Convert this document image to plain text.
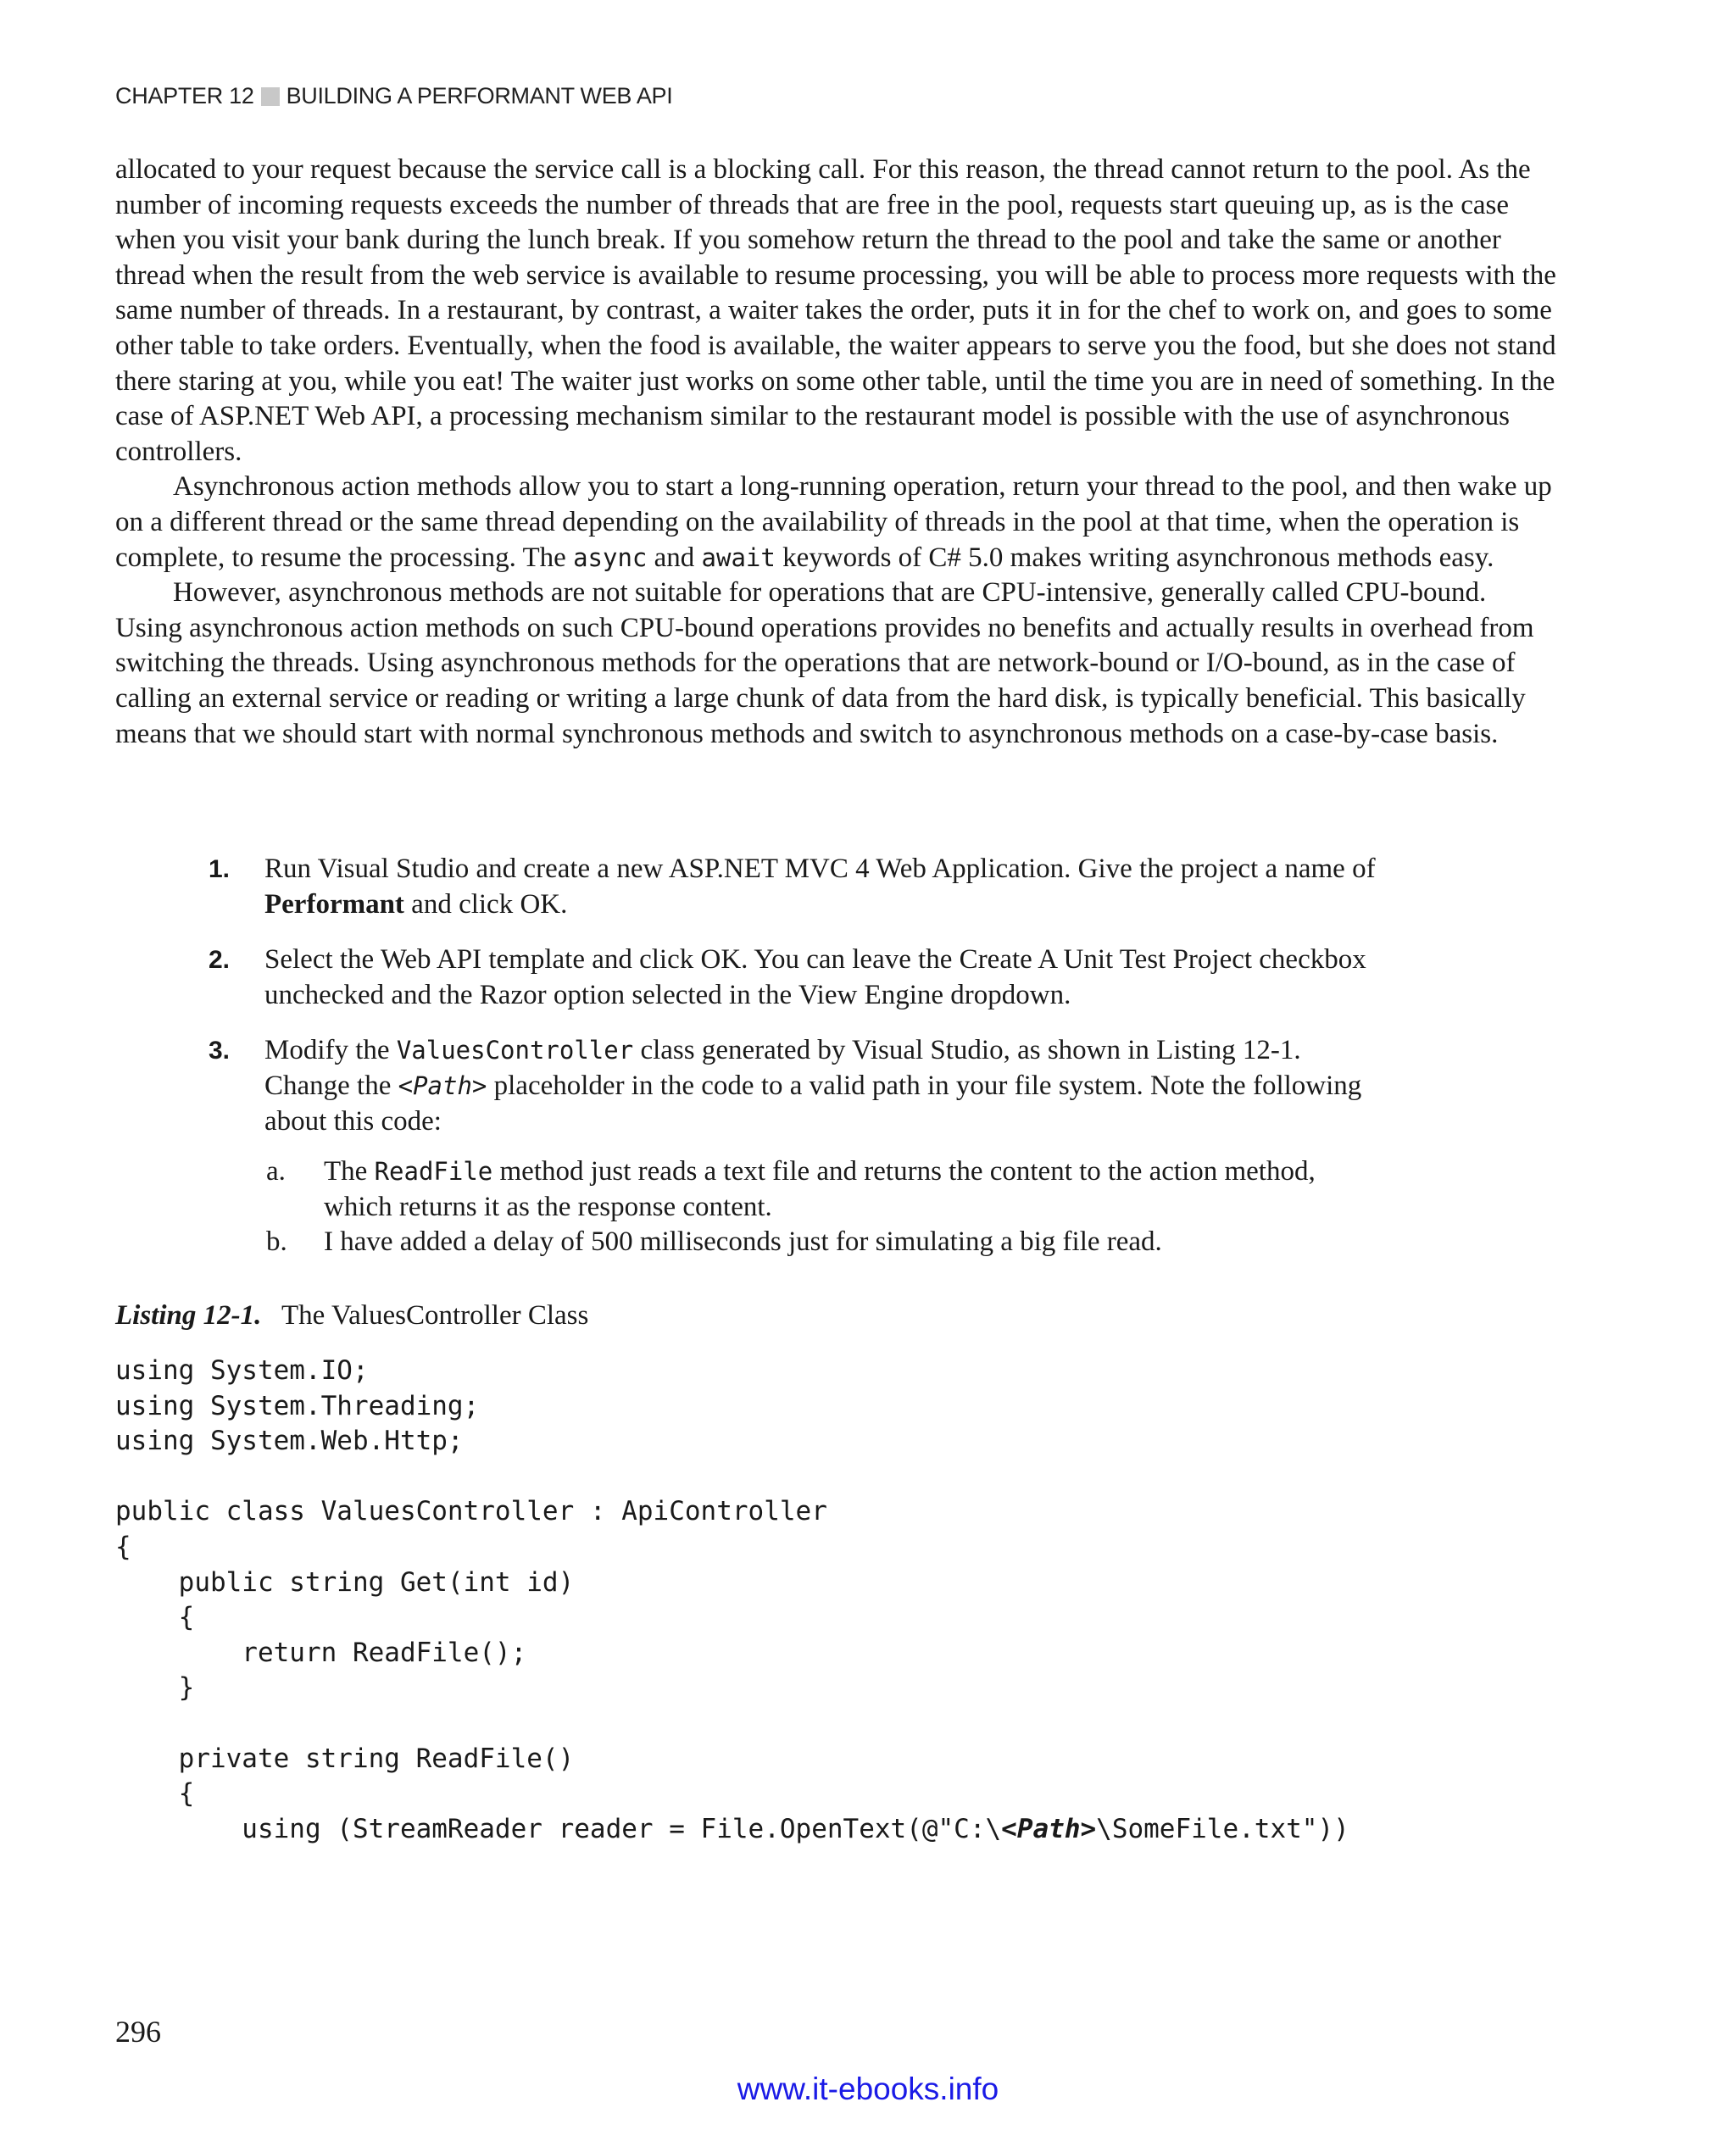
CHAPTER 12 BUILDING A PERFORMANT WEB API

allocated to your request because the service call is a blocking call. For this reason, the thread cannot return to the pool. As the number of incoming requests exceeds the number of threads that are free in the pool, requests start queuing up, as is the case when you visit your bank during the lunch break. If you somehow return the thread to the pool and take the same or another thread when the result from the web service is available to resume processing, you will be able to process more requests with the same number of threads. In a restaurant, by contrast, a waiter takes the order, puts it in for the chef to work on, and goes to some other table to take orders. Eventually, when the food is available, the waiter appears to serve you the food, but she does not stand there staring at you, while you eat! The waiter just works on some other table, until the time you are in need of something. In the case of ASP.NET Web API, a processing mechanism similar to the restaurant model is possible with the use of asynchronous controllers.

Asynchronous action methods allow you to start a long-running operation, return your thread to the pool, and then wake up on a different thread or the same thread depending on the availability of threads in the pool at that time, when the operation is complete, to resume the processing. The async and await keywords of C# 5.0 makes writing asynchronous methods easy.

However, asynchronous methods are not suitable for operations that are CPU-intensive, generally called CPU-bound. Using asynchronous action methods on such CPU-bound operations provides no benefits and actually results in overhead from switching the threads. Using asynchronous methods for the operations that are network-bound or I/O-bound, as in the case of calling an external service or reading or writing a large chunk of data from the hard disk, is typically beneficial. This basically means that we should start with normal synchronous methods and switch to asynchronous methods on a case-by-case basis.

1. Run Visual Studio and create a new ASP.NET MVC 4 Web Application. Give the project a name of Performant and click OK.
2. Select the Web API template and click OK. You can leave the Create A Unit Test Project checkbox unchecked and the Razor option selected in the View Engine dropdown.
3. Modify the ValuesController class generated by Visual Studio, as shown in Listing 12-1. Change the <Path> placeholder in the code to a valid path in your file system. Note the following about this code:
a. The ReadFile method just reads a text file and returns the content to the action method, which returns it as the response content.
b. I have added a delay of 500 milliseconds just for simulating a big file read.
Listing 12-1. The ValuesController Class
using System.IO;
using System.Threading;
using System.Web.Http;

public class ValuesController : ApiController
{
public string Get(int id)
{
return ReadFile();
}

private string ReadFile()
{
using (StreamReader reader = File.OpenText(@"C:\<Path>\SomeFile.txt"))
296
www.it-ebooks.info
